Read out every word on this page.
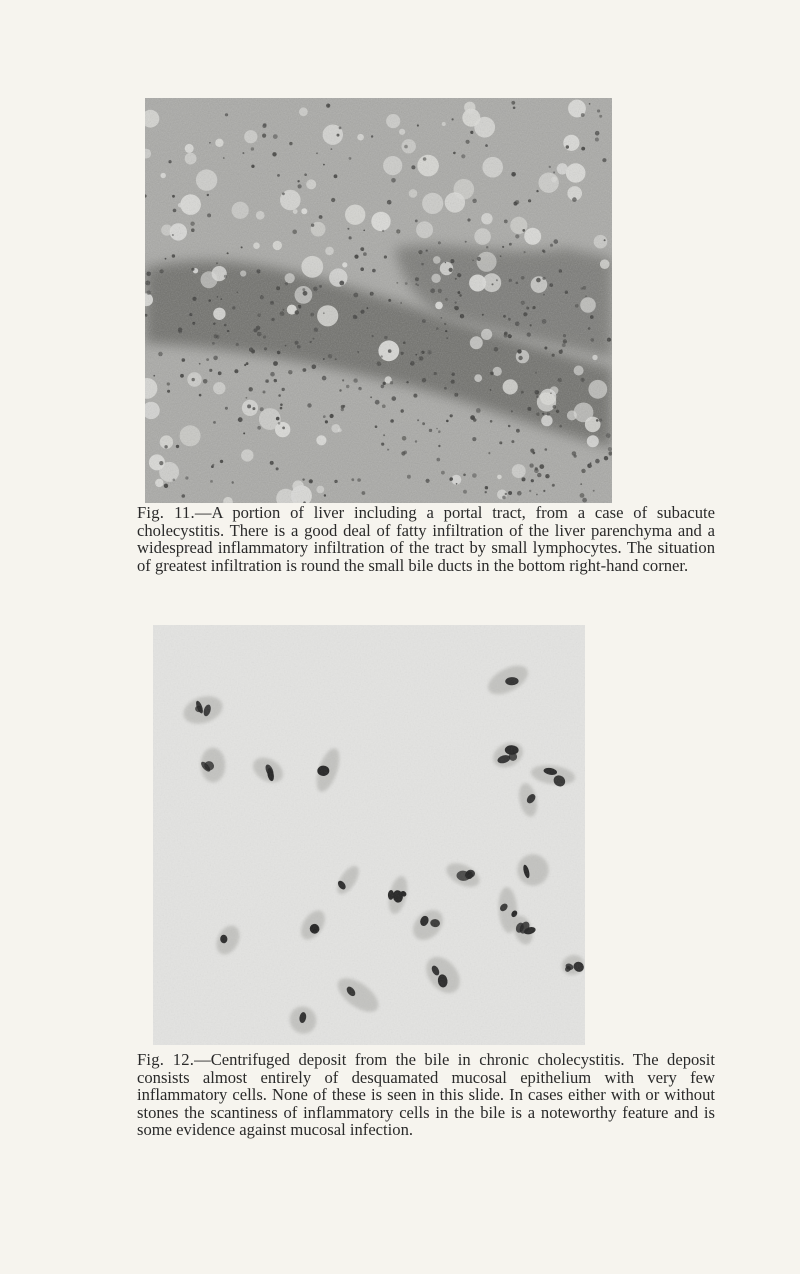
Fig. 11.—A portion of liver including a portal tract, from a case of subacute cholecystitis. There is a good deal of fatty infiltration of the liver parenchyma and a widespread inflammatory infiltration of the tract by small lymphocytes. The situation of greatest infiltration is round the small bile ducts in the bottom right-hand corner.

Fig. 12.—Centrifuged deposit from the bile in chronic cholecystitis. The deposit consists almost entirely of desquamated mucosal epithelium with very few inflammatory cells. None of these is seen in this slide. In cases either with or without stones the scantiness of inflammatory cells in the bile is a noteworthy feature and is some evidence against mucosal infection.
